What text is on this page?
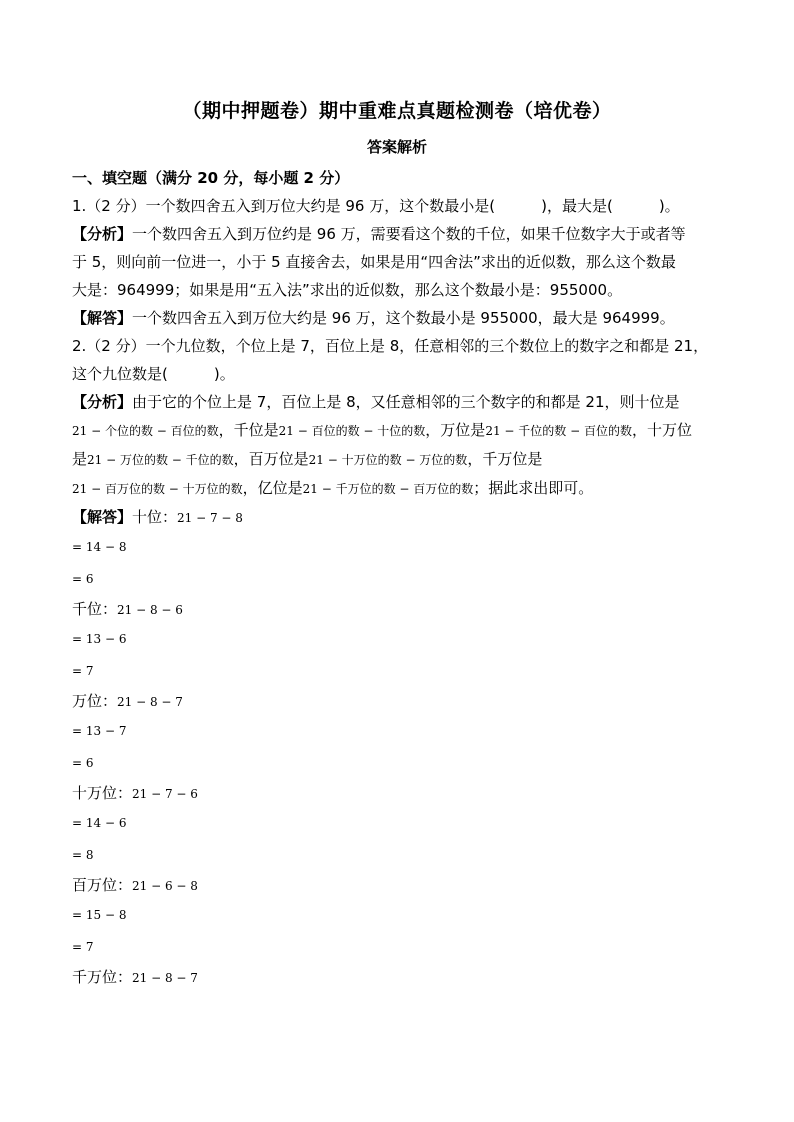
（期中押题卷）期中重难点真题检测卷（培优卷）
答案解析
一、填空题（满分 20 分，每小题 2 分）
1.（2 分）一个数四舍五入到万位大约是 96 万，这个数最小是(	)，最大是(	)。
【分析】一个数四舍五入到万位约是 96 万，需要看这个数的千位，如果千位数字大于或者等
于 5，则向前一位进一，小于 5 直接舍去，如果是用“四舍法”求出的近似数，那么这个数最
大是：964999；如果是用“五入法”求出的近似数，那么这个数最小是：955000。
【解答】一个数四舍五入到万位大约是 96 万，这个数最小是 955000，最大是 964999。
2.（2 分）一个九位数，个位上是 7，百位上是 8，任意相邻的三个数位上的数字之和都是 21，
这个九位数是(	)。
【分析】由于它的个位上是 7，百位上是 8，又任意相邻的三个数字的和都是 21，则十位是
21 − 个位的数 − 百位的数，千位是21 − 百位的数 − 十位的数，万位是21 − 千位的数 − 百位的数，十万位
是21 − 万位的数 − 千位的数，百万位是21 − 十万位的数 − 万位的数，千万位是
21 − 百万位的数 − 十万位的数，亿位是21 − 千万位的数 − 百万位的数；据此求出即可。
【解答】十位：21 − 7 − 8
= 14 − 8
= 6
千位：21 − 8 − 6
= 13 − 6
= 7
万位：21 − 8 − 7
= 13 − 7
= 6
十万位：21 − 7 − 6
= 14 − 6
= 8
百万位：21 − 6 − 8
= 15 − 8
= 7
千万位：21 − 8 − 7
